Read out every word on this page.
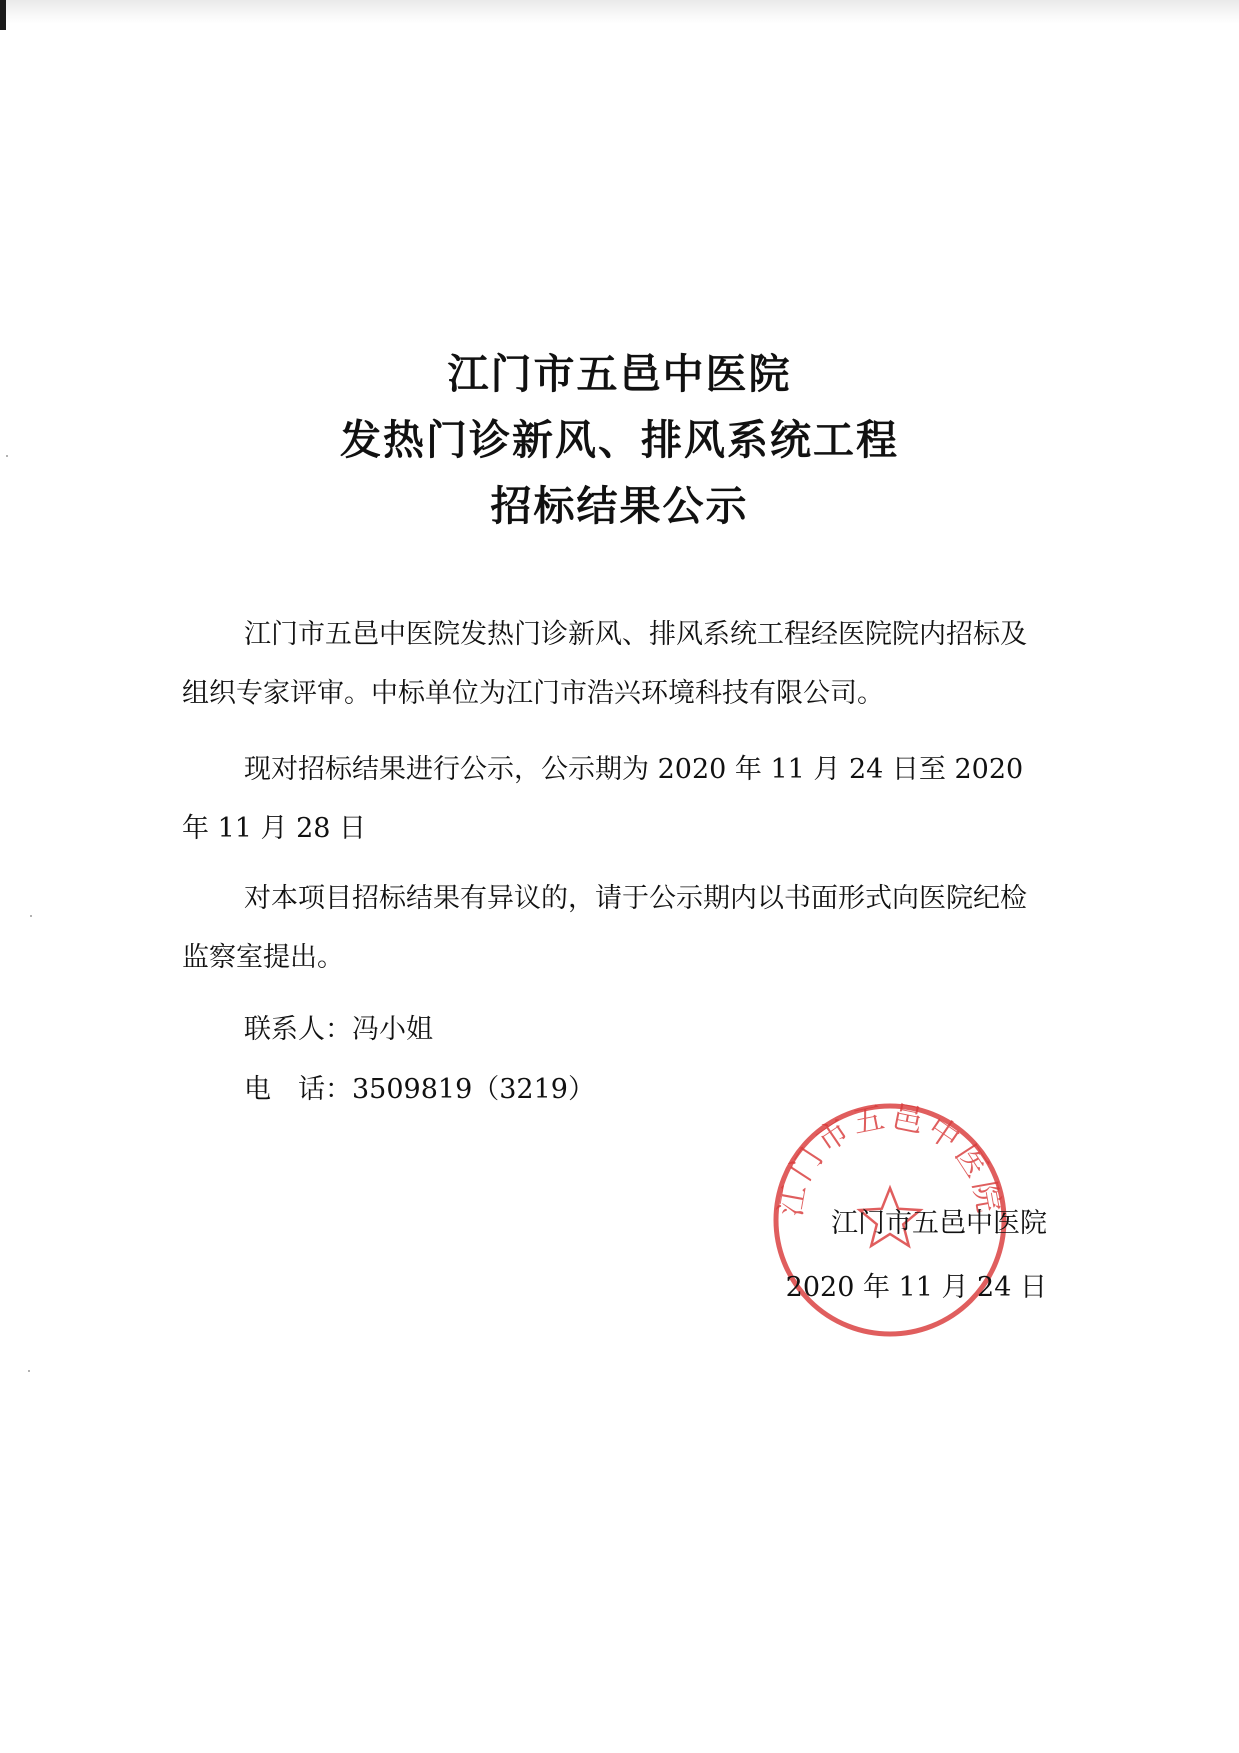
江门市五邑中医院
发热门诊新风、排风系统工程
招标结果公示

江门市五邑中医院发热门诊新风、排风系统工程经医院院内招标及组织专家评审。中标单位为江门市浩兴环境科技有限公司。

现对招标结果进行公示，公示期为 2020 年 11 月 24 日至 2020 年 11 月 28 日

对本项目招标结果有异议的，请于公示期内以书面形式向医院纪检监察室提出。

联系人：冯小姐

电　话：3509819（3219）

江门市五邑中医院

江门市五邑中医院

2020 年 11 月 24 日
